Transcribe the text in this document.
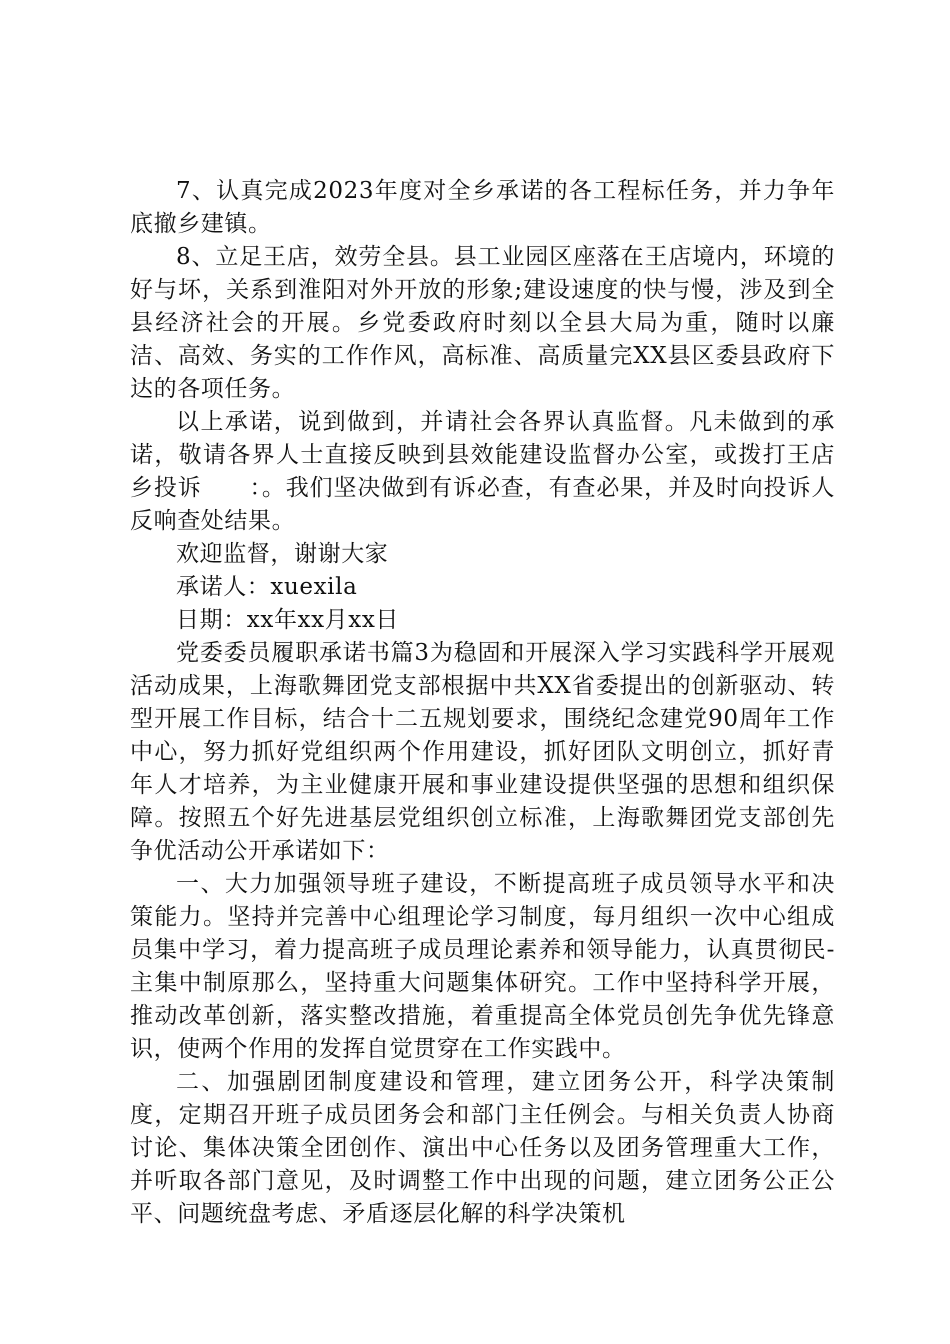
7、认真完成2023年度对全乡承诺的各工程标任务，并力争年底撤乡建镇。

8、立足王店，效劳全县。县工业园区座落在王店境内，环境的好与坏，关系到淮阳对外开放的形象;建设速度的快与慢，涉及到全县经济社会的开展。乡党委政府时刻以全县大局为重，随时以廉洁、高效、务实的工作作风，高标准、高质量完XX县区委县政府下达的各项任务。

以上承诺，说到做到，并请社会各界认真监督。凡未做到的承诺，敬请各界人士直接反映到县效能建设监督办公室，或拨打王店乡投诉　　：。我们坚决做到有诉必查，有查必果，并及时向投诉人反响查处结果。

欢迎监督，谢谢大家

承诺人：xuexila

日期：xx年xx月xx日

党委委员履职承诺书篇3为稳固和开展深入学习实践科学开展观活动成果，上海歌舞团党支部根据中共XX省委提出的创新驱动、转型开展工作目标，结合十二五规划要求，围绕纪念建党90周年工作中心，努力抓好党组织两个作用建设，抓好团队文明创立，抓好青年人才培养，为主业健康开展和事业建设提供坚强的思想和组织保障。按照五个好先进基层党组织创立标准，上海歌舞团党支部创先争优活动公开承诺如下：

一、大力加强领导班子建设，不断提高班子成员领导水平和决策能力。坚持并完善中心组理论学习制度，每月组织一次中心组成员集中学习，着力提高班子成员理论素养和领导能力，认真贯彻民-主集中制原那么，坚持重大问题集体研究。工作中坚持科学开展，推动改革创新，落实整改措施，着重提高全体党员创先争优先锋意识，使两个作用的发挥自觉贯穿在工作实践中。

二、加强剧团制度建设和管理，建立团务公开，科学决策制度，定期召开班子成员团务会和部门主任例会。与相关负责人协商讨论、集体决策全团创作、演出中心任务以及团务管理重大工作，并听取各部门意见，及时调整工作中出现的问题，建立团务公正公平、问题统盘考虑、矛盾逐层化解的科学决策机
